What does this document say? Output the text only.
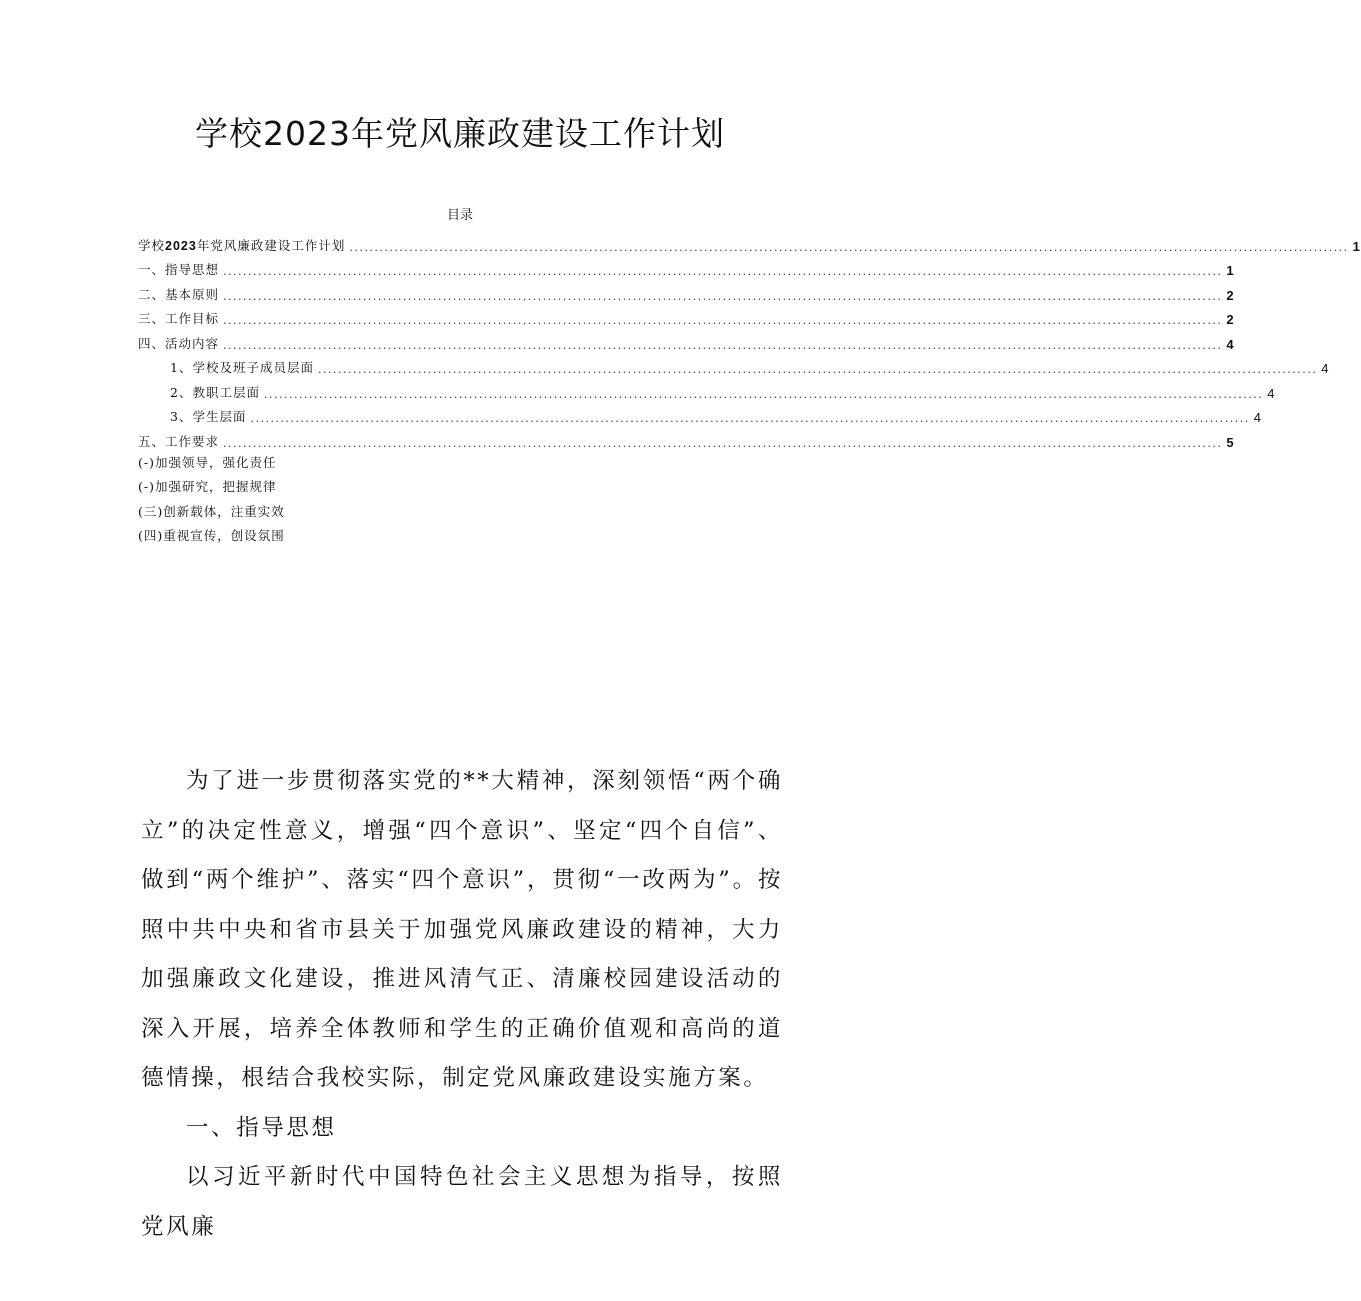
学校2023年党风廉政建设工作计划
目录
学校2023年党风廉政建设工作计划 ........................................................................................................................................................................................................ 1
一、指导思想 ........................................................................................................................................................................................................ 1
二、基本原则 ........................................................................................................................................................................................................ 2
三、工作目标 ........................................................................................................................................................................................................ 2
四、活动内容 ........................................................................................................................................................................................................ 4
1、学校及班子成员层面 ........................................................................................................................................................................................................ 4
2、教职工层面 ........................................................................................................................................................................................................ 4
3、学生层面 ........................................................................................................................................................................................................ 4
五、工作要求 ........................................................................................................................................................................................................ 5
(-)加强领导，强化责任
(-)加强研究，把握规律
(三)创新载体，注重实效
(四)重视宣传，创设氛围

为了进一步贯彻落实党的**大精神，深刻领悟“两个确立”的决定性意义，增强“四个意识”、坚定“四个自信”、做到“两个维护”、落实“四个意识”，贯彻“一改两为”。按照中共中央和省市县关于加强党风廉政建设的精神，大力加强廉政文化建设，推进风清气正、清廉校园建设活动的深入开展，培养全体教师和学生的正确价值观和高尚的道德情操，根结合我校实际，制定党风廉政建设实施方案。

一、指导思想

以习近平新时代中国特色社会主义思想为指导，按照党风廉
